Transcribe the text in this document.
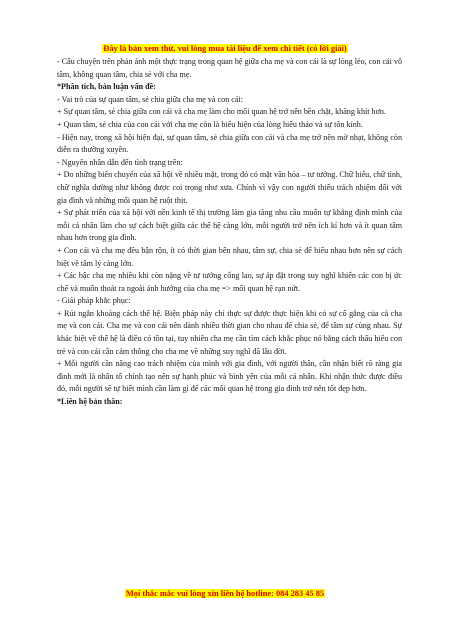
Đây là bản xem thử, vui lòng mua tài liệu để xem chi tiết (có lời giải)

- Câu chuyện trên phản ánh một thực trạng trong quan hệ giữa cha mẹ và con cái là sự lỏng lẻo, con cái vô tâm, không quan tâm, chia sẻ với cha mẹ.

*Phân tích, bàn luận vấn đề:

- Vai trò của sự quan tâm, sẻ chia giữa cha mẹ và con cái:

+ Sự quan tâm, sẻ chia giữa con cái và cha mẹ làm cho mối quan hệ trở nên bền chặt, khăng khít hơn.

+ Quan tâm, sẻ chia của con cái với cha mẹ còn là biểu hiện của lòng hiếu thảo và sự tôn kính.

- Hiện nay, trong xã hội hiện đại, sự quan tâm, sẻ chia giữa con cái và cha mẹ trở nên mờ nhạt, không còn diễn ra thường xuyên.

- Nguyên nhân dẫn đến tình trạng trên:

+ Do những biến chuyển của xã hội về nhiều mặt, trong đó có mặt văn hóa – tư tưởng. Chữ hiếu, chữ tình, chữ nghĩa dường như không được coi trọng như xưa. Chính vì vậy con người thiếu trách nhiệm đối với gia đình và những mối quan hệ ruột thịt.

+ Sự phát triển của xã hội với nền kinh tế thị trường làm gia tăng nhu cầu muốn tự khẳng định mình của mỗi cá nhân làm cho sự cách biệt giữa các thế hệ càng lớn, mỗi người trở nên ích kỉ hơn và ít quan tâm nhau hơn trong gia đình.

+ Con cái và cha mẹ đều bận rộn, ít có thời gian bên nhau, tâm sự, chia sẻ để hiểu nhau hơn nên sự cách biệt về tâm lý càng lớn.

+ Các bậc cha mẹ nhiều khi còn nặng về tư tưởng cổng lao, sự áp đặt trong suy nghĩ khiến các con bị ức chế và muốn thoát ra ngoài ảnh hưởng của cha mẹ => mối quan hệ rạn nứt.

- Giải pháp khắc phục:

+ Rút ngắn khoảng cách thế hệ. Biện pháp này chỉ thực sự được thực hiện khi có sự cố gắng của cả cha mẹ và con cái. Cha mẹ và con cái nên dành nhiều thời gian cho nhau để chia sẻ, để tâm sự cùng nhau. Sự khác biệt về thế hệ là điều có tồn tại, tuy nhiên cha mẹ cần tìm cách khắc phục nó bằng cách thấu hiểu con trẻ và con cái cần cảm thông cho cha mẹ về những suy nghĩ đã lâu đời.

+ Mỗi người cần nâng cao trách nhiệm của mình với gia đình, với người thân, cần nhận biết rõ ràng gia đình mới là nhân tố chính tạo nên sự hạnh phúc và bình yên của mỗi cá nhân. Khi nhận thức được điều đó, mỗi người sẽ tự biết mình cần làm gì để các mối quan hệ trong gia đình trở nên tốt đẹp hơn.

*Liên hệ bản thân:

Mọi thắc mắc vui lòng xin liên hệ hotline: 084 283 45 85
